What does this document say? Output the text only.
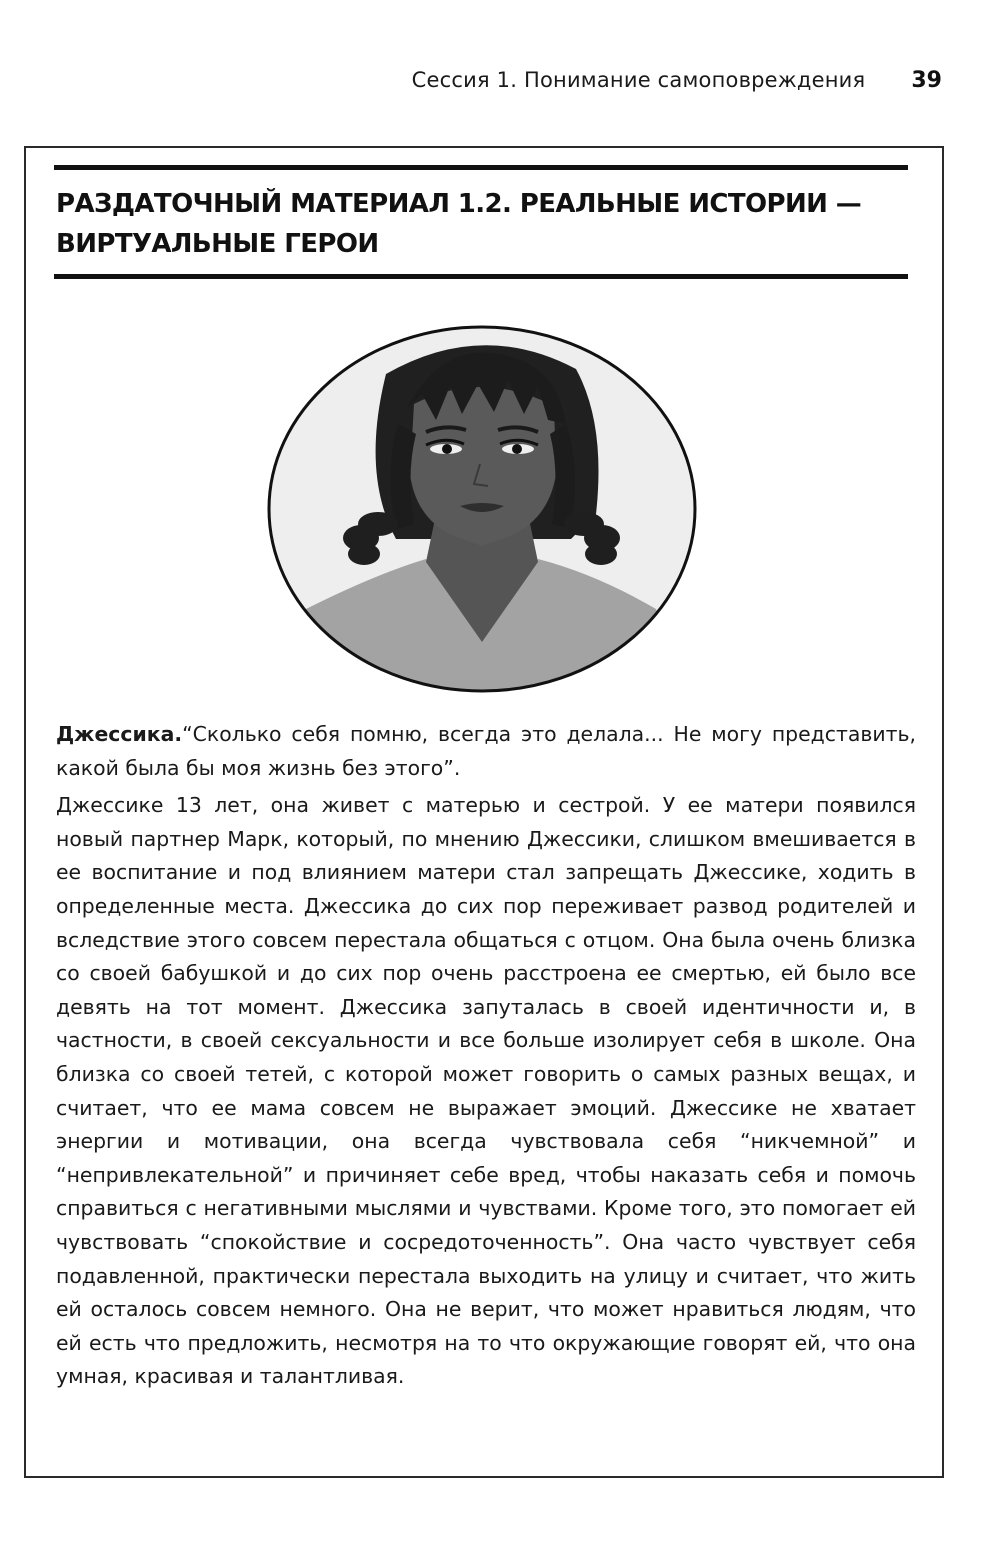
Сессия 1. Понимание самоповреждения 39
РАЗДАТОЧНЫЙ МАТЕРИАЛ 1.2. РЕАЛЬНЫЕ ИСТОРИИ —
ВИРТУАЛЬНЫЕ ГЕРОИ

Джессика.“Сколько себя помню, всегда это делала... Не могу представить, какой была бы моя жизнь без этого”.

Джессике 13 лет, она живет с матерью и сестрой. У ее матери появился новый партнер Марк, который, по мнению Джессики, слишком вмешивается в ее воспитание и под влиянием матери стал запрещать Джессике, ходить в определенные места. Джессика до сих пор переживает развод родителей и вследствие этого совсем перестала общаться с отцом. Она была очень близка со своей бабушкой и до сих пор очень расстроена ее смертью, ей было все девять на тот момент. Джессика запуталась в своей идентичности и, в частности, в своей сексуальности и все больше изолирует себя в школе. Она близка со своей тетей, с которой может говорить о самых разных вещах, и считает, что ее мама совсем не выражает эмоций. Джессике не хватает энергии и мотивации, она всегда чувствовала себя “никчемной” и “непривлекательной” и причиняет себе вред, чтобы наказать себя и помочь справиться с негативными мыслями и чувствами. Кроме того, это помогает ей чувствовать “спокойствие и сосредоточенность”. Она часто чувствует себя подавленной, практически перестала выходить на улицу и считает, что жить ей осталось совсем немного. Она не верит, что может нравиться людям, что ей есть что предложить, несмотря на то что окружающие говорят ей, что она умная, красивая и талантливая.
